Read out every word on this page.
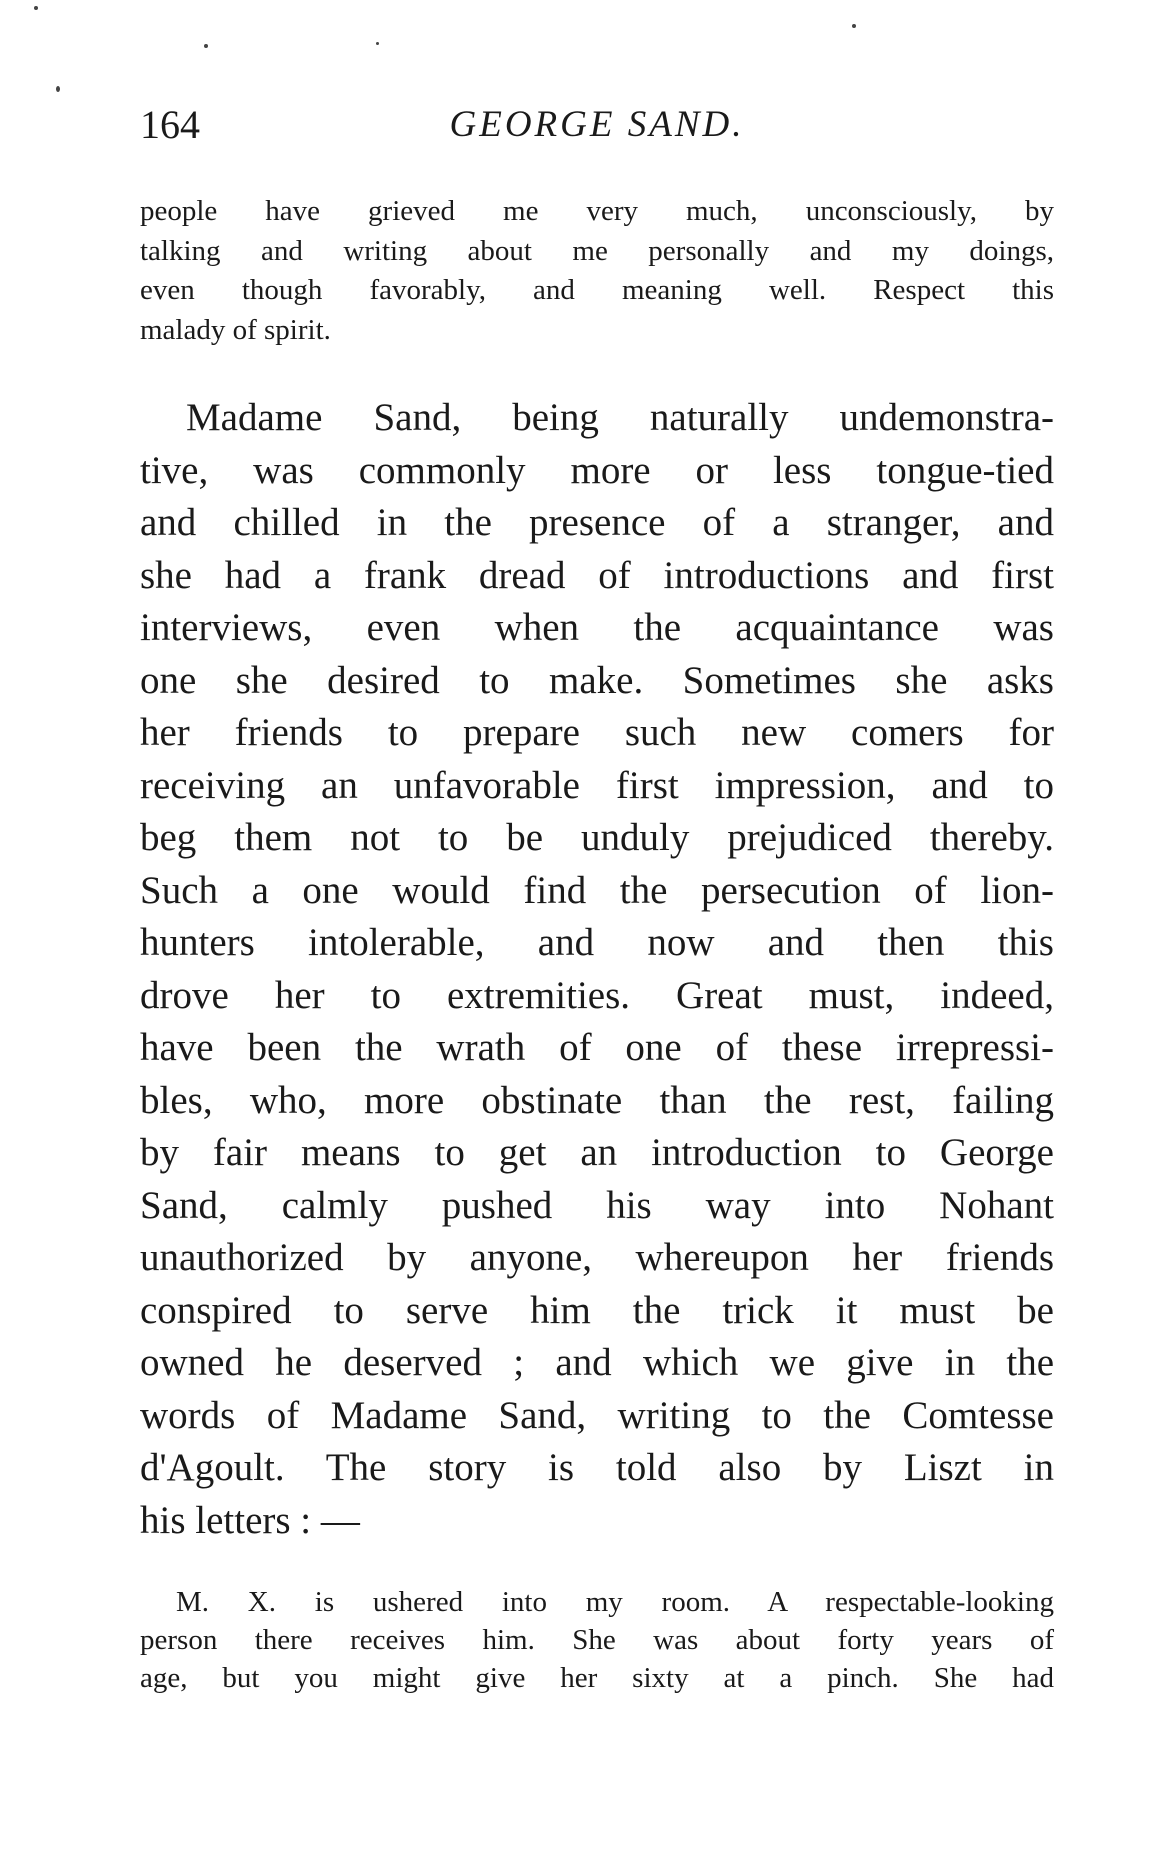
164	GEORGE SAND.
people have grieved me very much, unconsciously, by
talking and writing about me personally and my doings,
even though favorably, and meaning well. Respect this
malady of spirit.
Madame Sand, being naturally undemonstra-
tive, was commonly more or less tongue-tied
and chilled in the presence of a stranger, and
she had a frank dread of introductions and first
interviews, even when the acquaintance was
one she desired to make. Sometimes she asks
her friends to prepare such new comers for
receiving an unfavorable first impression, and to
beg them not to be unduly prejudiced thereby.
Such a one would find the persecution of lion-
hunters intolerable, and now and then this
drove her to extremities. Great must, indeed,
have been the wrath of one of these irrepressi-
bles, who, more obstinate than the rest, failing
by fair means to get an introduction to George
Sand, calmly pushed his way into Nohant
unauthorized by anyone, whereupon her friends
conspired to serve him the trick it must be
owned he deserved ; and which we give in the
words of Madame Sand, writing to the Comtesse
d'Agoult. The story is told also by Liszt in
his letters : —
M. X. is ushered into my room. A respectable-looking
person there receives him. She was about forty years of
age, but you might give her sixty at a pinch. She had
